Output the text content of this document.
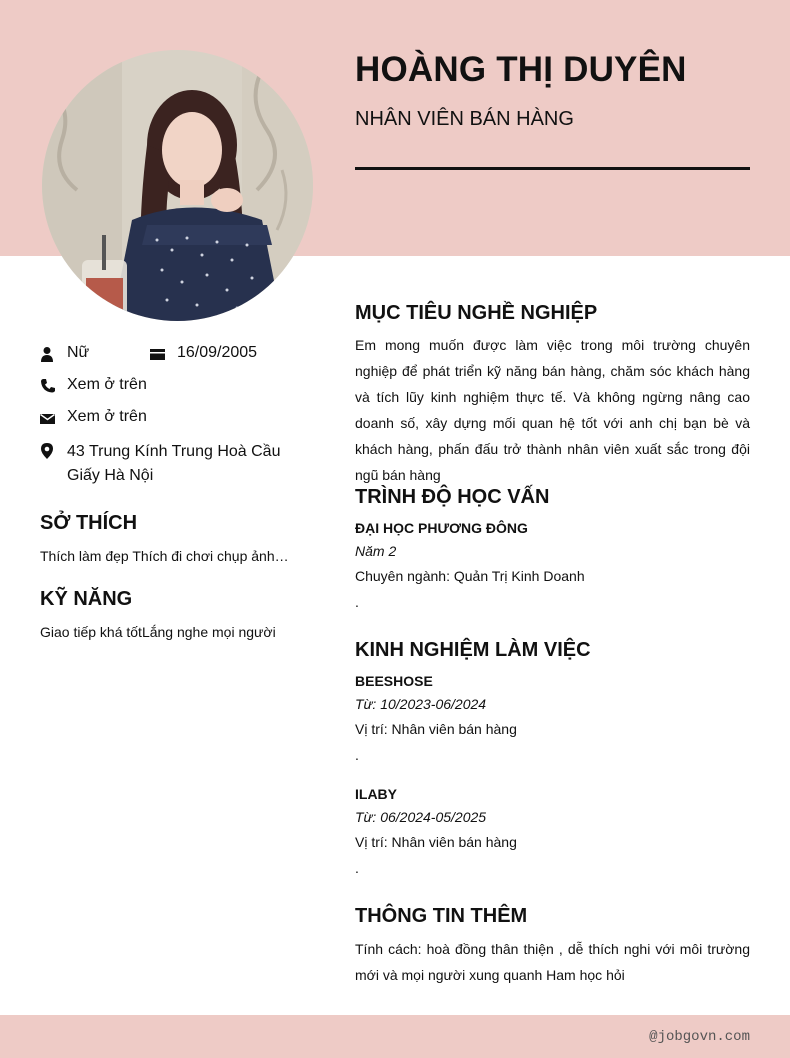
HOÀNG THỊ DUYÊN
NHÂN VIÊN BÁN HÀNG
Nữ	16/09/2005
Xem ở trên
Xem ở trên
43 Trung Kính Trung Hoà Cầu Giấy Hà Nội
SỞ THÍCH
Thích làm đẹp Thích đi chơi chụp ảnh…
KỸ NĂNG
Giao tiếp khá tốtLắng nghe mọi người
MỤC TIÊU NGHỀ NGHIỆP
Em mong muốn được làm việc trong môi trường chuyên nghiệp để phát triển kỹ năng bán hàng, chăm sóc khách hàng và tích lũy kinh nghiệm thực tế. Và không ngừng nâng cao doanh số, xây dựng mối quan hệ tốt với anh chị bạn bè và khách hàng, phấn đấu trở thành nhân viên xuất sắc trong đội ngũ bán hàng
TRÌNH ĐỘ HỌC VẤN
ĐẠI HỌC PHƯƠNG ĐÔNG
Năm 2
Chuyên ngành: Quản Trị Kinh Doanh
.
KINH NGHIỆM LÀM VIỆC
BEESHOSE
Từ: 10/2023-06/2024
Vị trí: Nhân viên bán hàng
.
ILABY
Từ: 06/2024-05/2025
Vị trí: Nhân viên bán hàng
.
THÔNG TIN THÊM
Tính cách: hoà đồng thân thiện , dễ thích nghi với môi trường mới và mọi người xung quanh Ham học hỏi
@jobgovn.com
